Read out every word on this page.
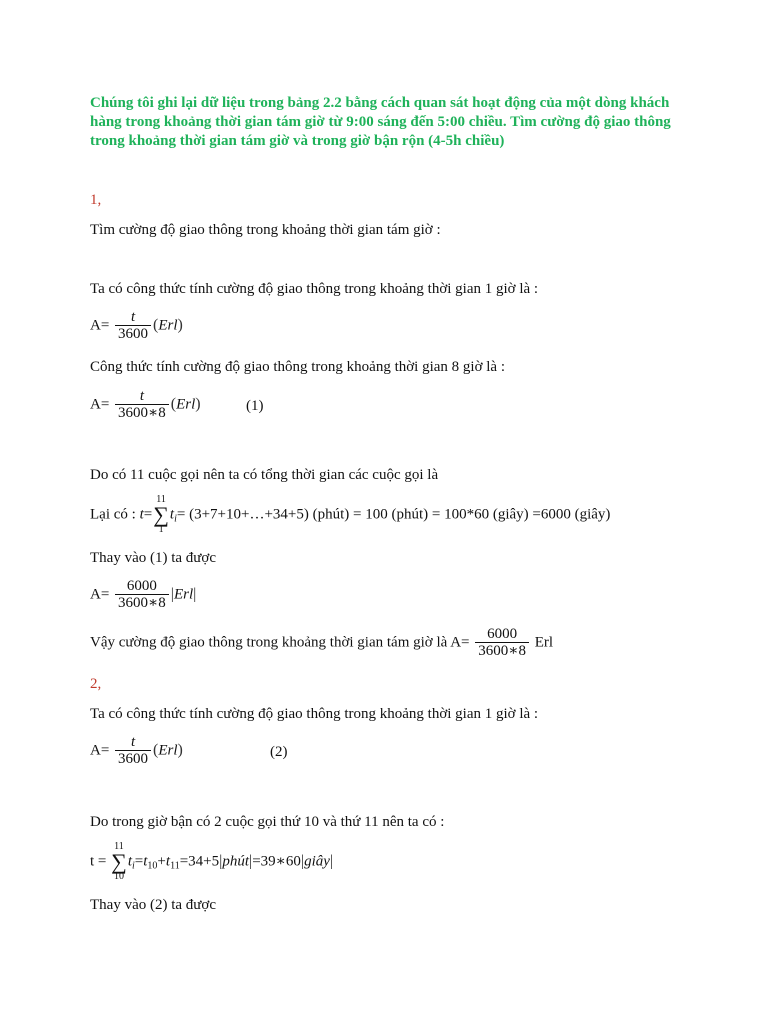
Chúng tôi ghi lại dữ liệu trong bảng 2.2 bằng cách quan sát hoạt động của một dòng khách hàng trong khoảng thời gian tám giờ từ 9:00 sáng đến 5:00 chiều. Tìm cường độ giao thông trong khoảng thời gian tám giờ và trong giờ bận rộn (4-5h chiều)
1,
Tìm cường độ giao thông trong khoảng thời gian tám giờ :
Ta có công thức tính cường độ giao thông trong khoảng thời gian 1 giờ là :
$A= \frac{t}{3600} (Erl)$
Công thức tính cường độ giao thông trong khoảng thời gian 8 giờ là :
$A= \frac{t}{3600∗8} (Erl)$	(1)
Do có 11 cuộc gọi nên ta có tổng thời gian các cuộc gọi là
Lại có : t=11
∑
$1t_i=$ (3+7+10+…+34+5) (phút) = 100 (phút) = 100*60 (giây) =6000 (giây)
Thay vào (1) ta được
$A= \frac{6000}{3600∗8} |Erl|$
Vậy cường độ giao thông trong khoảng thời gian tám giờ là $A= \frac{6000}{3600∗8}$ Erl
2,
Ta có công thức tính cường độ giao thông trong khoảng thời gian 1 giờ là :
$A= \frac{t}{3600} (Erl)$	(2)
Do trong giờ bận có 2 cuộc gọi thứ 10 và thứ 11 nên ta có :
t = 11
∑
$10t_i=t_{10}+t_{11}=34+5|phút|=39∗60|giây|$
Thay vào (2) ta được
